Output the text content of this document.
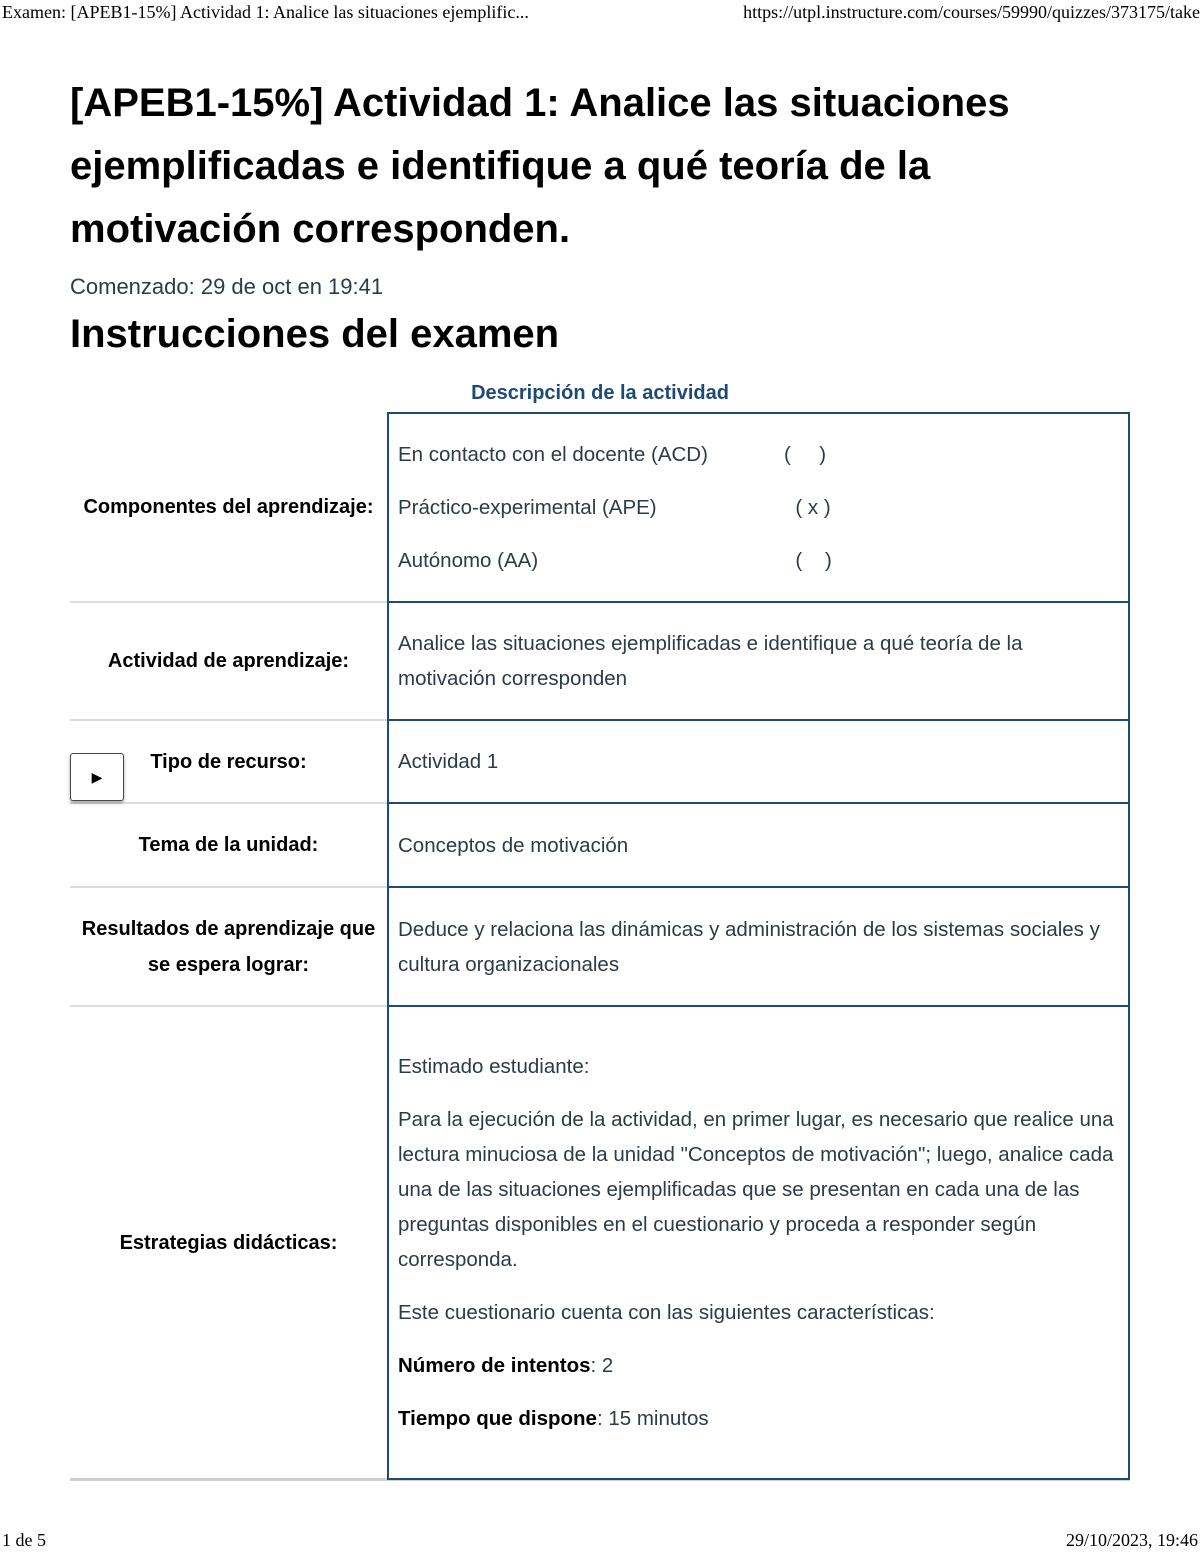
Examen: [APEB1-15%] Actividad 1: Analice las situaciones ejemplific...	https://utpl.instructure.com/courses/59990/quizzes/373175/take
[APEB1-15%] Actividad 1: Analice las situaciones ejemplificadas e identifique a qué teoría de la motivación corresponden.
Comenzado: 29 de oct en 19:41
Instrucciones del examen
Descripción de la actividad
Componentes del aprendizaje:
En contacto con el docente (ACD)	(     )
Práctico-experimental (APE)	( x )
Autónomo (AA)	(    )
Actividad de aprendizaje:

Analice las situaciones ejemplificadas e identifique a qué teoría de la motivación corresponden

Tipo de recurso:	Actividad 1

▶
Tema de la unidad:	Conceptos de motivación

Resultados de aprendizaje que se espera lograr:

Deduce y relaciona las dinámicas y administración de los sistemas sociales y cultura organizacionales

Estrategias didácticas:

Estimado estudiante:

Para la ejecución de la actividad, en primer lugar, es necesario que realice una lectura minuciosa de la unidad "Conceptos de motivación"; luego, analice cada una de las situaciones ejemplificadas que se presentan en cada una de las preguntas disponibles en el cuestionario y proceda a responder según corresponda.

Este cuestionario cuenta con las siguientes características:

Número de intentos: 2

Tiempo que dispone: 15 minutos

1 de 5	29/10/2023, 19:46
